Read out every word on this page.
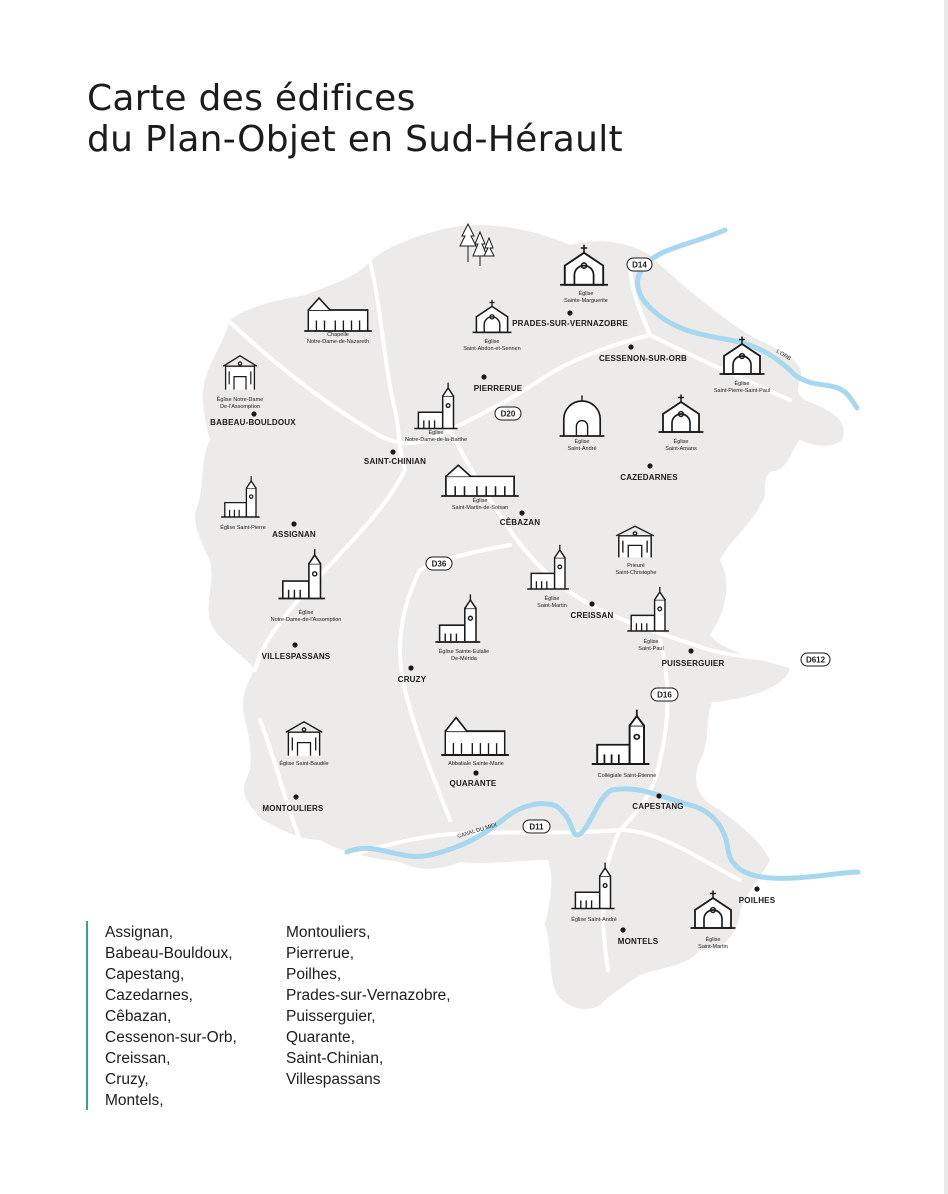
Carte des édifices
du Plan-Objet en Sud-Hérault
D14
D20
D36
D612
D16
D11
L'ORB
CANAL DU MIDI
Église
Sainte-Marguerite
Chapelle
Notre-Dame-de-Nazareth	Église
Saint-Abdon-et-Sennen
Église
Saint-Pierre-Saint-Paul
Église Notre-Dame
De-l'Assomption
Église
Notre-Dame-de-la-Barthe	Église
Saint-André
Église
Saint-Amans
Église
Saint-Martin-de-Soisan
Église Saint-Pierre
Prieuré
Saint-Christophe
Église
Notre-Dame-de-l'Assomption
Église
Saint-Martin
Église
Saint-Paul
Église Sainte-Eulalie
De-Mérida
Église Saint-Baudile	Abbatiale Sainte-Marie
Collégiale Saint-Étienne
Église Saint-André
Église
Saint-Martin
PRADES-SUR-VERNAZOBRE
CESSENON-SUR-ORB
PIERRERUE
BABEAU-BOULDOUX
SAINT-CHINIAN
CAZEDARNES
CÊBAZAN
ASSIGNAN
CREISSAN
VILLESPASSANS
PUISSERGUIER
CRUZY
QUARANTE
MONTOULIERS	CAPESTANG
POILHES
MONTELS
Assignan,
Babeau-Bouldoux,
Capestang,
Cazedarnes,
Cêbazan,
Cessenon-sur-Orb,
Creissan,
Cruzy,
Montels,
Montouliers,
Pierrerue,
Poilhes,
Prades-sur-Vernazobre,
Puisserguier,
Quarante,
Saint-Chinian,
Villespassans
